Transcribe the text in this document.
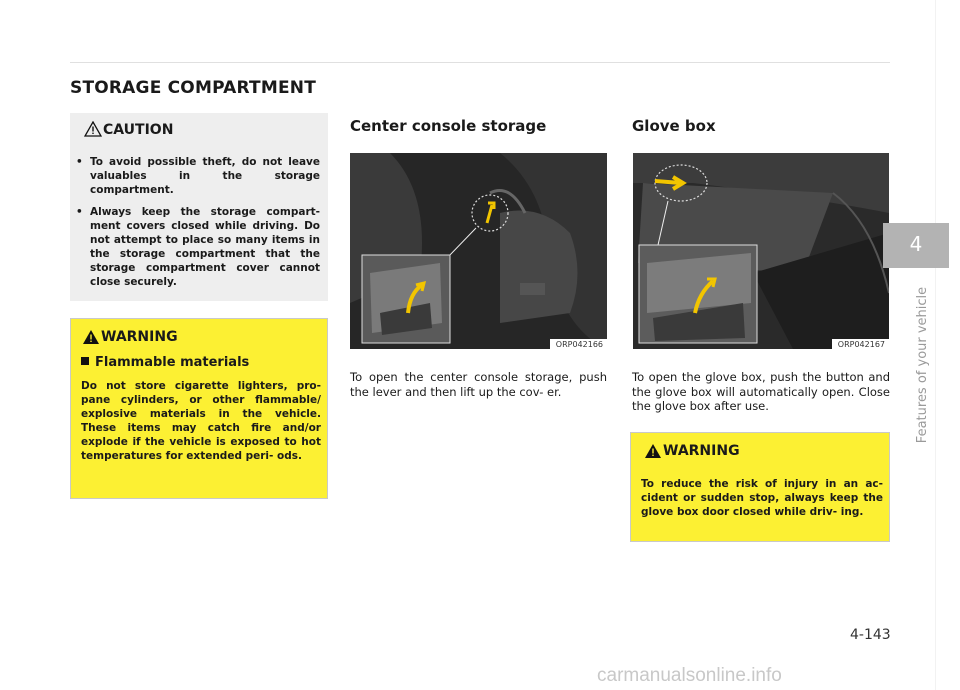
STORAGE COMPARTMENT
CAUTION
• To avoid possible theft, do not leave valuables in the storage compartment.
• Always keep the storage compart- ment covers closed while driving. Do not attempt to place so many items in the storage compartment that the storage compartment cover cannot close securely.
WARNING
Flammable materials

Do not store cigarette lighters, pro- pane cylinders, or other flammable/ explosive materials in the vehicle. These items may catch fire and/or explode if the vehicle is exposed to hot temperatures for extended peri- ods.

Center console storage
ORP042166
To open the center console storage, push the lever and then lift up the cov- er.
Glove box
ORP042167
To open the glove box, push the button and the glove box will automatically open. Close the glove box after use.
WARNING

To reduce the risk of injury in an ac- cident or sudden stop, always keep the glove box door closed while driv- ing.

4
Features of your vehicle
4-143
carmanualsonline.info
